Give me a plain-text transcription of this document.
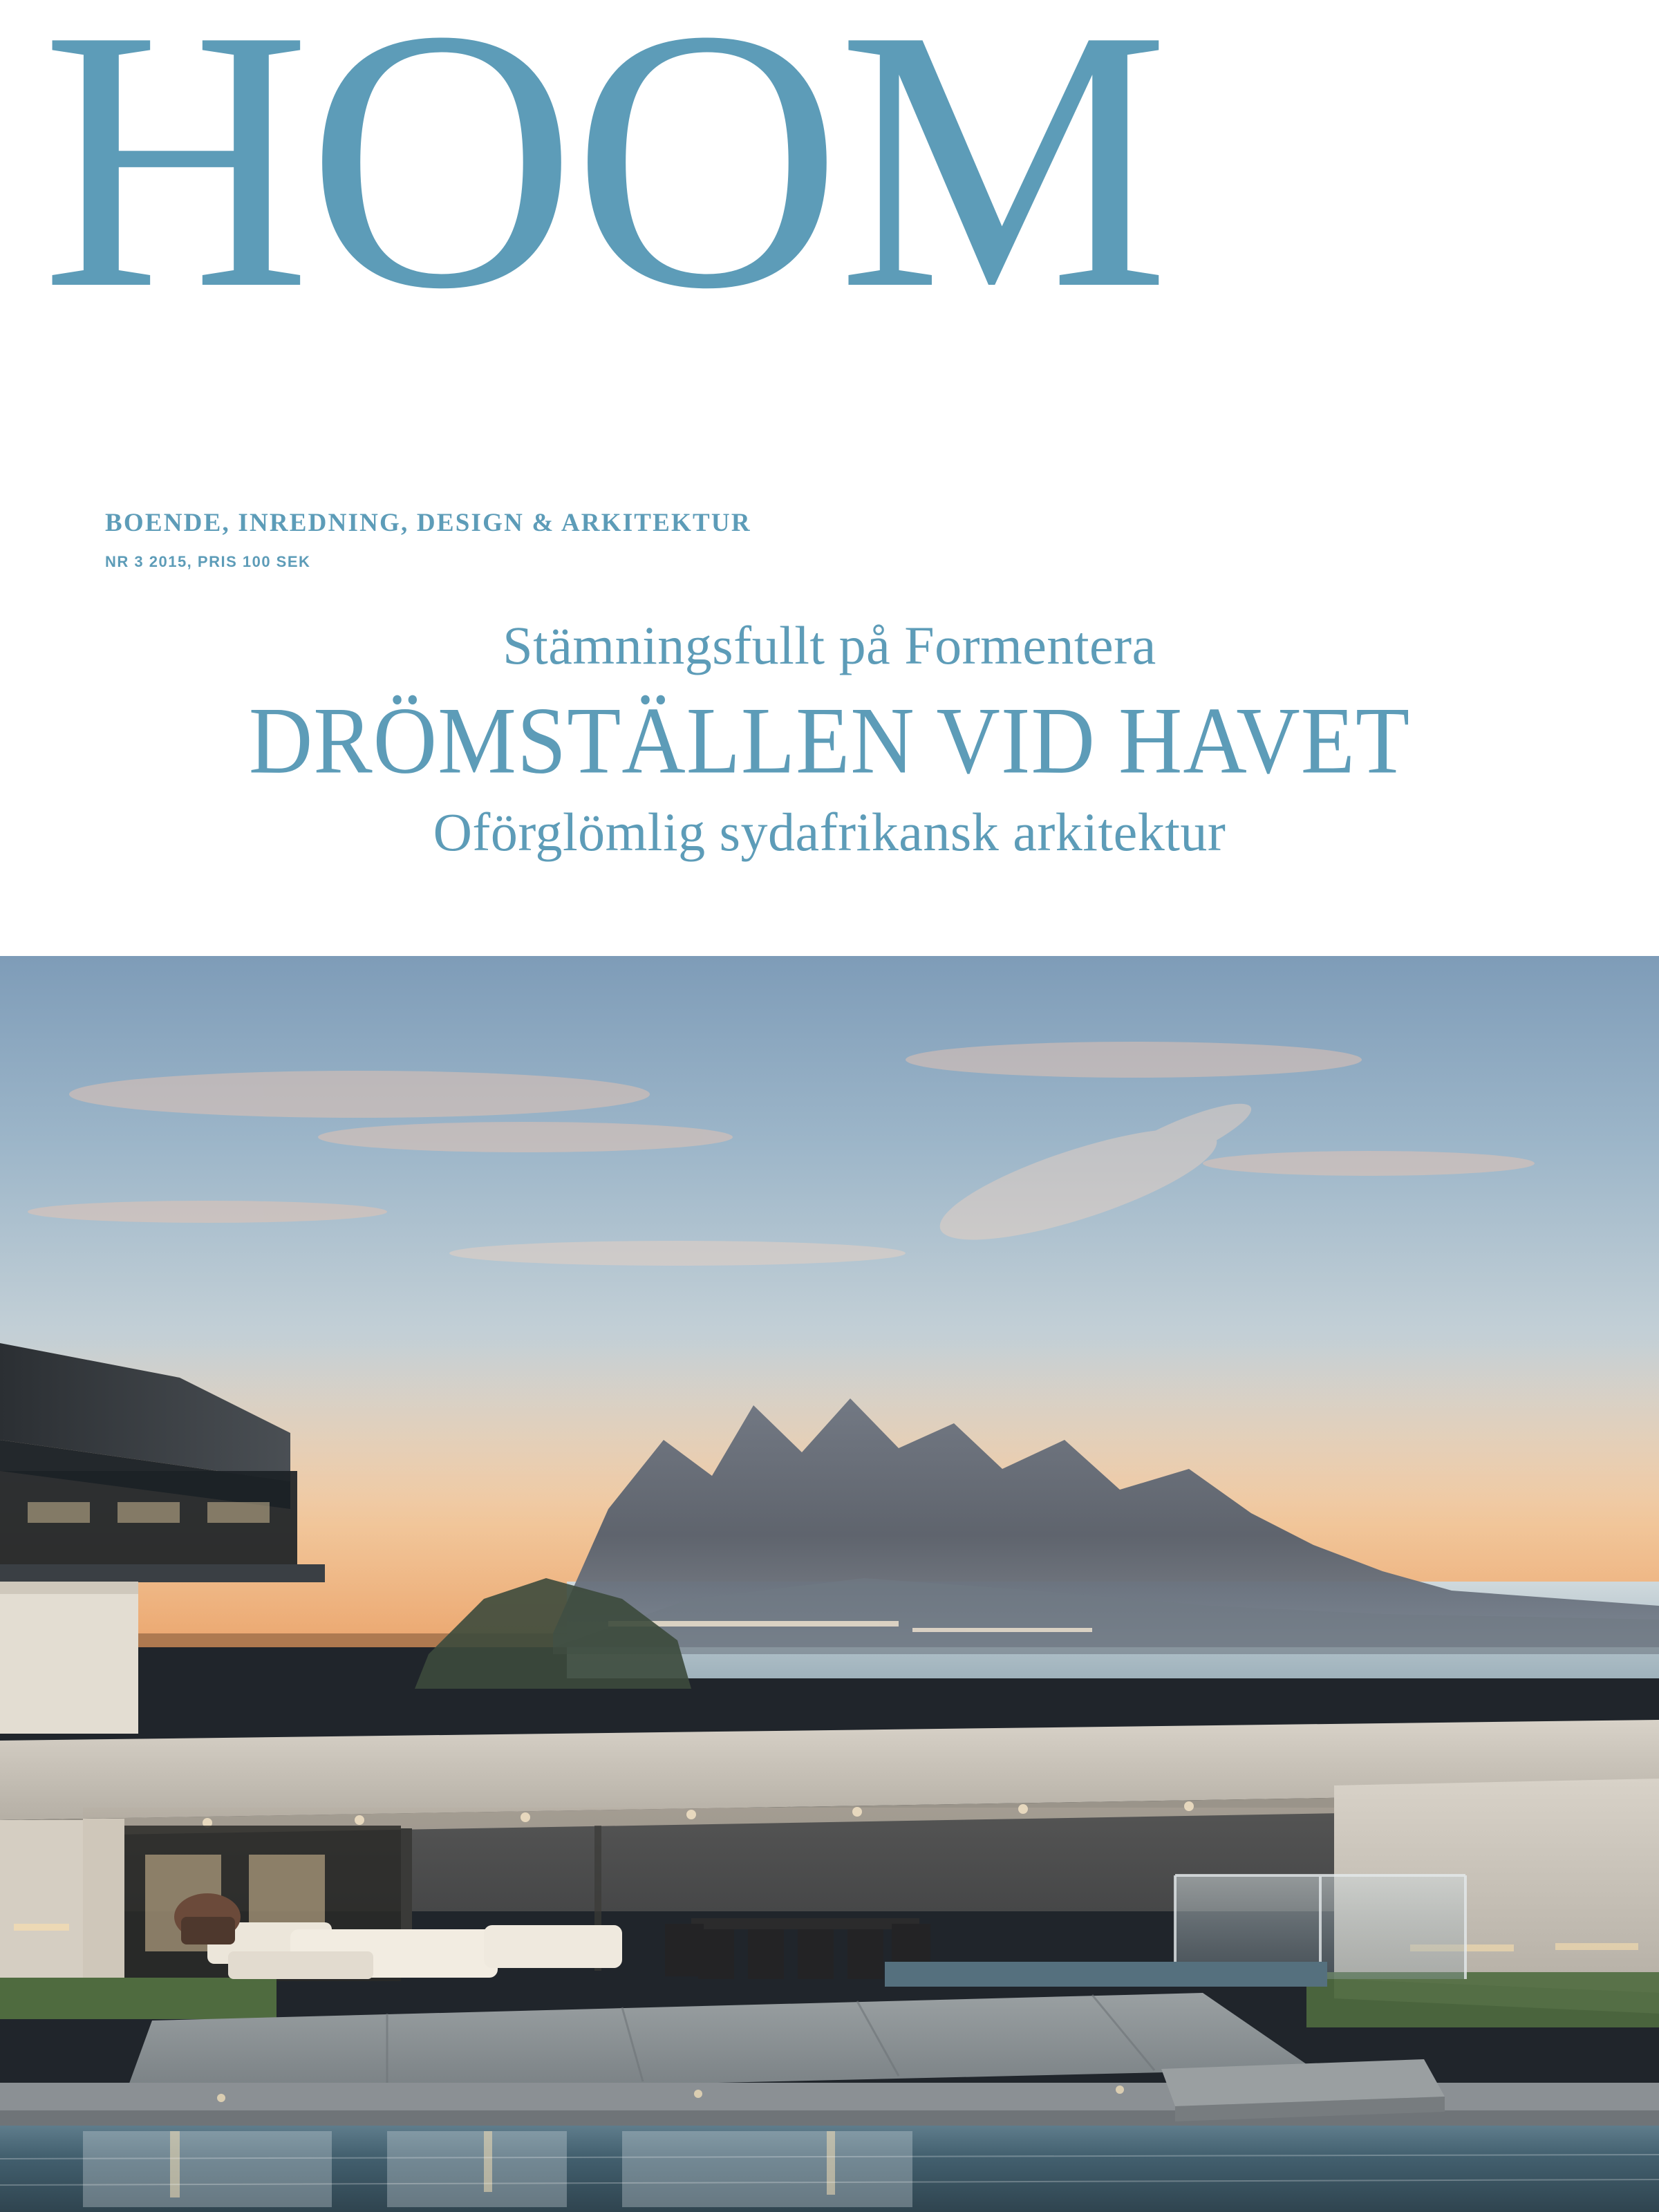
HOOM
BOENDE, INREDNING, DESIGN & ARKITEKTUR
NR 3 2015, PRIS 100 SEK
Stämningsfullt på Formentera
DRÖMSTÄLLEN VID HAVET
Oförglömlig sydafrikansk arkitektur
